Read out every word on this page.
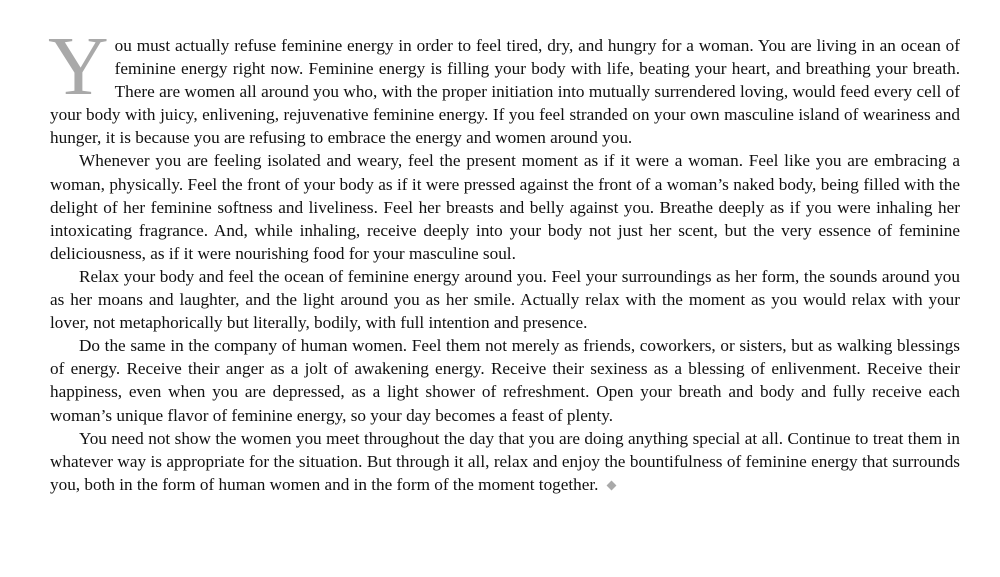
You must actually refuse feminine energy in order to feel tired, dry, and hungry for a woman. You are living in an ocean of feminine energy right now. Feminine energy is filling your body with life, beating your heart, and breathing your breath. There are women all around you who, with the proper initiation into mutually surrendered loving, would feed every cell of your body with juicy, enlivening, rejuvenative feminine energy. If you feel stranded on your own masculine island of weariness and hunger, it is because you are refusing to embrace the energy and women around you.

Whenever you are feeling isolated and weary, feel the present moment as if it were a woman. Feel like you are embracing a woman, physically. Feel the front of your body as if it were pressed against the front of a woman’s naked body, being filled with the delight of her feminine softness and liveliness. Feel her breasts and belly against you. Breathe deeply as if you were inhaling her intoxicating fragrance. And, while inhaling, receive deeply into your body not just her scent, but the very essence of feminine deliciousness, as if it were nourishing food for your masculine soul.

Relax your body and feel the ocean of feminine energy around you. Feel your surroundings as her form, the sounds around you as her moans and laughter, and the light around you as her smile. Actually relax with the moment as you would relax with your lover, not metaphorically but literally, bodily, with full intention and presence.

Do the same in the company of human women. Feel them not merely as friends, coworkers, or sisters, but as walking blessings of energy. Receive their anger as a jolt of awakening energy. Receive their sexiness as a blessing of enlivenment. Receive their happiness, even when you are depressed, as a light shower of refreshment. Open your breath and body and fully receive each woman’s unique flavor of feminine energy, so your day becomes a feast of plenty.

You need not show the women you meet throughout the day that you are doing anything special at all. Continue to treat them in whatever way is appropriate for the situation. But through it all, relax and enjoy the bountifulness of feminine energy that surrounds you, both in the form of human women and in the form of the moment together.
